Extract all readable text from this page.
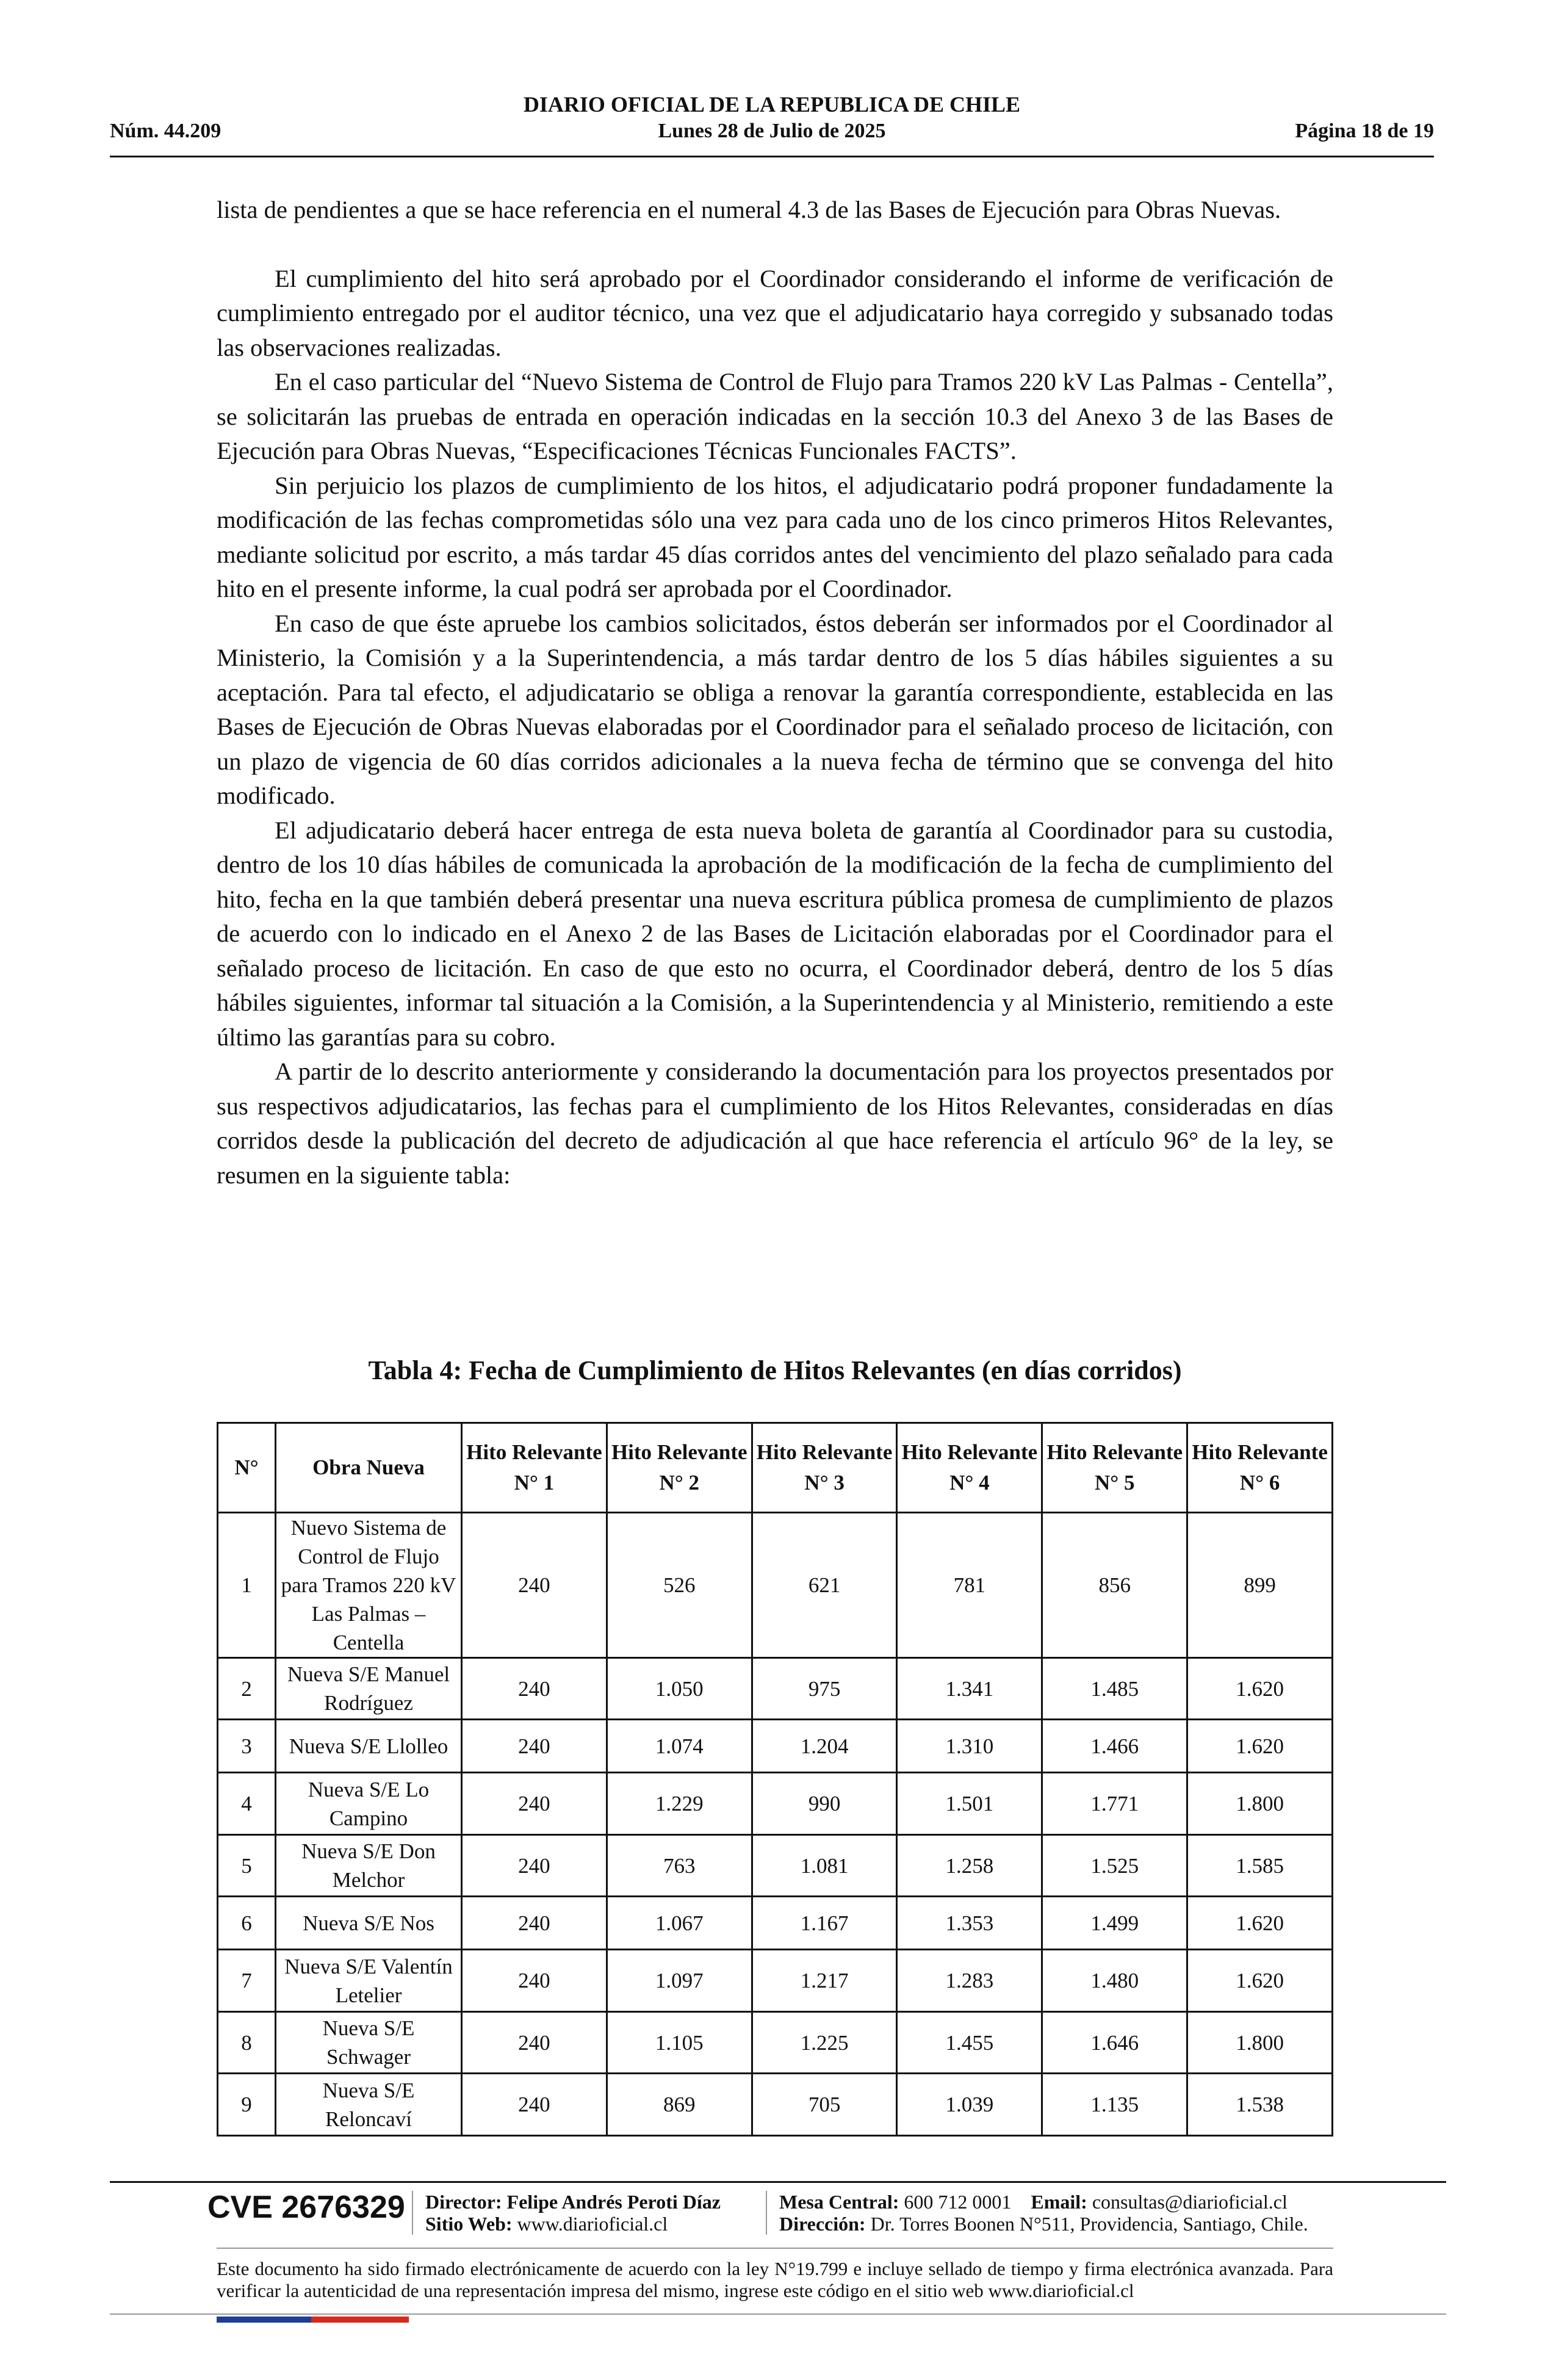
DIARIO OFICIAL DE LA REPUBLICA DE CHILE
Núm. 44.209	Lunes 28 de Julio de 2025	Página 18 de 19

lista de pendientes a que se hace referencia en el numeral 4.3 de las Bases de Ejecución para Obras Nuevas.

El cumplimiento del hito será aprobado por el Coordinador considerando el informe de verificación de cumplimiento entregado por el auditor técnico, una vez que el adjudicatario haya corregido y subsanado todas las observaciones realizadas.

En el caso particular del “Nuevo Sistema de Control de Flujo para Tramos 220 kV Las Palmas - Centella”, se solicitarán las pruebas de entrada en operación indicadas en la sección 10.3 del Anexo 3 de las Bases de Ejecución para Obras Nuevas, “Especificaciones Técnicas Funcionales FACTS”.

Sin perjuicio los plazos de cumplimiento de los hitos, el adjudicatario podrá proponer fundadamente la modificación de las fechas comprometidas sólo una vez para cada uno de los cinco primeros Hitos Relevantes, mediante solicitud por escrito, a más tardar 45 días corridos antes del vencimiento del plazo señalado para cada hito en el presente informe, la cual podrá ser aprobada por el Coordinador.

En caso de que éste apruebe los cambios solicitados, éstos deberán ser informados por el Coordinador al Ministerio, la Comisión y a la Superintendencia, a más tardar dentro de los 5 días hábiles siguientes a su aceptación. Para tal efecto, el adjudicatario se obliga a renovar la garantía correspondiente, establecida en las Bases de Ejecución de Obras Nuevas elaboradas por el Coordinador para el señalado proceso de licitación, con un plazo de vigencia de 60 días corridos adicionales a la nueva fecha de término que se convenga del hito modificado.

El adjudicatario deberá hacer entrega de esta nueva boleta de garantía al Coordinador para su custodia, dentro de los 10 días hábiles de comunicada la aprobación de la modificación de la fecha de cumplimiento del hito, fecha en la que también deberá presentar una nueva escritura pública promesa de cumplimiento de plazos de acuerdo con lo indicado en el Anexo 2 de las Bases de Licitación elaboradas por el Coordinador para el señalado proceso de licitación. En caso de que esto no ocurra, el Coordinador deberá, dentro de los 5 días hábiles siguientes, informar tal situación a la Comisión, a la Superintendencia y al Ministerio, remitiendo a este último las garantías para su cobro.

A partir de lo descrito anteriormente y considerando la documentación para los proyectos presentados por sus respectivos adjudicatarios, las fechas para el cumplimiento de los Hitos Relevantes, consideradas en días corridos desde la publicación del decreto de adjudicación al que hace referencia el artículo 96° de la ley, se resumen en la siguiente tabla:

Tabla 4: Fecha de Cumplimiento de Hitos Relevantes (en días corridos)
N°	Obra Nueva	Hito Relevante N° 1	Hito Relevante N° 2	Hito Relevante N° 3	Hito Relevante N° 4	Hito Relevante N° 5	Hito Relevante N° 6
1	Nuevo Sistema de Control de Flujo para Tramos 220 kV Las Palmas – Centella	240	526	621	781	856	899
2	Nueva S/E Manuel Rodríguez	240	1.050	975	1.341	1.485	1.620
3	Nueva S/E Llolleo	240	1.074	1.204	1.310	1.466	1.620
4	Nueva S/E Lo Campino	240	1.229	990	1.501	1.771	1.800
5	Nueva S/E Don Melchor	240	763	1.081	1.258	1.525	1.585
6	Nueva S/E Nos	240	1.067	1.167	1.353	1.499	1.620
7	Nueva S/E Valentín Letelier	240	1.097	1.217	1.283	1.480	1.620
8	Nueva S/E Schwager	240	1.105	1.225	1.455	1.646	1.800
9	Nueva S/E Reloncaví	240	869	705	1.039	1.135	1.538
CVE 2676329 Director: Felipe Andrés Peroti Díaz
Sitio Web: www.diarioficial.cl
Mesa Central: 600 712 0001 Email: consultas@diarioficial.cl
Dirección: Dr. Torres Boonen N°511, Providencia, Santiago, Chile.
Este documento ha sido firmado electrónicamente de acuerdo con la ley N°19.799 e incluye sellado de tiempo y firma electrónica avanzada. Para verificar la autenticidad de una representación impresa del mismo, ingrese este código en el sitio web www.diarioficial.cl
